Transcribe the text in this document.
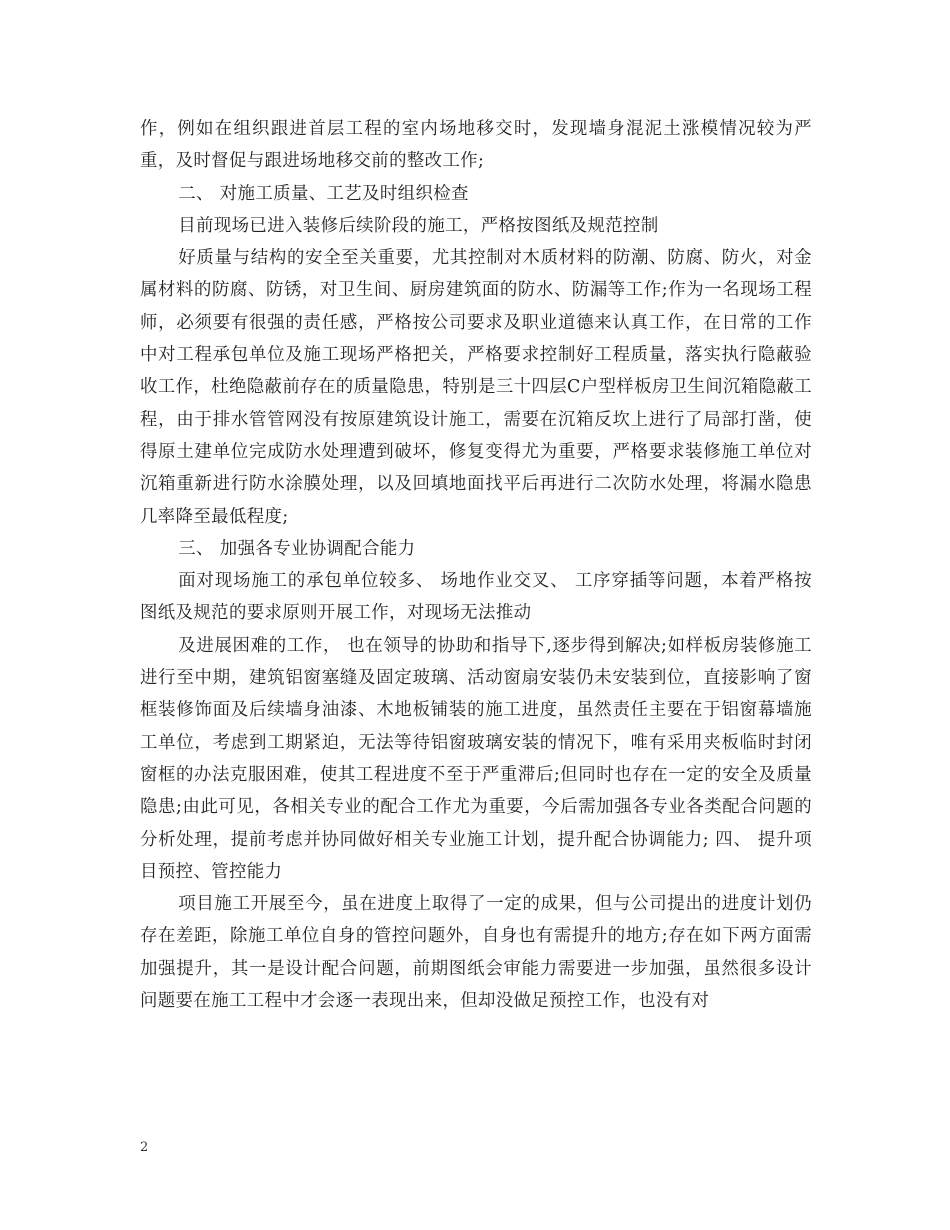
作，例如在组织跟进首层工程的室内场地移交时，发现墙身混泥土涨模情况较为严重，及时督促与跟进场地移交前的整改工作;

二、 对施工质量、工艺及时组织检查

目前现场已进入装修后续阶段的施工，严格按图纸及规范控制

好质量与结构的安全至关重要，尤其控制对木质材料的防潮、防腐、防火，对金属材料的防腐、防锈，对卫生间、厨房建筑面的防水、防漏等工作;作为一名现场工程师，必须要有很强的责任感，严格按公司要求及职业道德来认真工作，在日常的工作中对工程承包单位及施工现场严格把关，严格要求控制好工程质量，落实执行隐蔽验收工作，杜绝隐蔽前存在的质量隐患，特别是三十四层C户型样板房卫生间沉箱隐蔽工程，由于排水管管网没有按原建筑设计施工，需要在沉箱反坎上进行了局部打凿，使得原土建单位完成防水处理遭到破坏，修复变得尤为重要，严格要求装修施工单位对沉箱重新进行防水涂膜处理，以及回填地面找平后再进行二次防水处理，将漏水隐患几率降至最低程度;

三、 加强各专业协调配合能力

面对现场施工的承包单位较多、 场地作业交叉、 工序穿插等问题，本着严格按图纸及规范的要求原则开展工作，对现场无法推动

及进展困难的工作， 也在领导的协助和指导下,逐步得到解决;如样板房装修施工进行至中期，建筑铝窗塞缝及固定玻璃、活动窗扇安装仍未安装到位，直接影响了窗框装修饰面及后续墙身油漆、木地板铺装的施工进度，虽然责任主要在于铝窗幕墙施工单位，考虑到工期紧迫，无法等待铝窗玻璃安装的情况下，唯有采用夹板临时封闭窗框的办法克服困难，使其工程进度不至于严重滞后;但同时也存在一定的安全及质量隐患;由此可见，各相关专业的配合工作尤为重要，今后需加强各专业各类配合问题的分析处理，提前考虑并协同做好相关专业施工计划，提升配合协调能力; 四、 提升项目预控、管控能力

项目施工开展至今，虽在进度上取得了一定的成果，但与公司提出的进度计划仍存在差距，除施工单位自身的管控问题外，自身也有需提升的地方;存在如下两方面需加强提升，其一是设计配合问题，前期图纸会审能力需要进一步加强，虽然很多设计问题要在施工工程中才会逐一表现出来，但却没做足预控工作，也没有对

2
